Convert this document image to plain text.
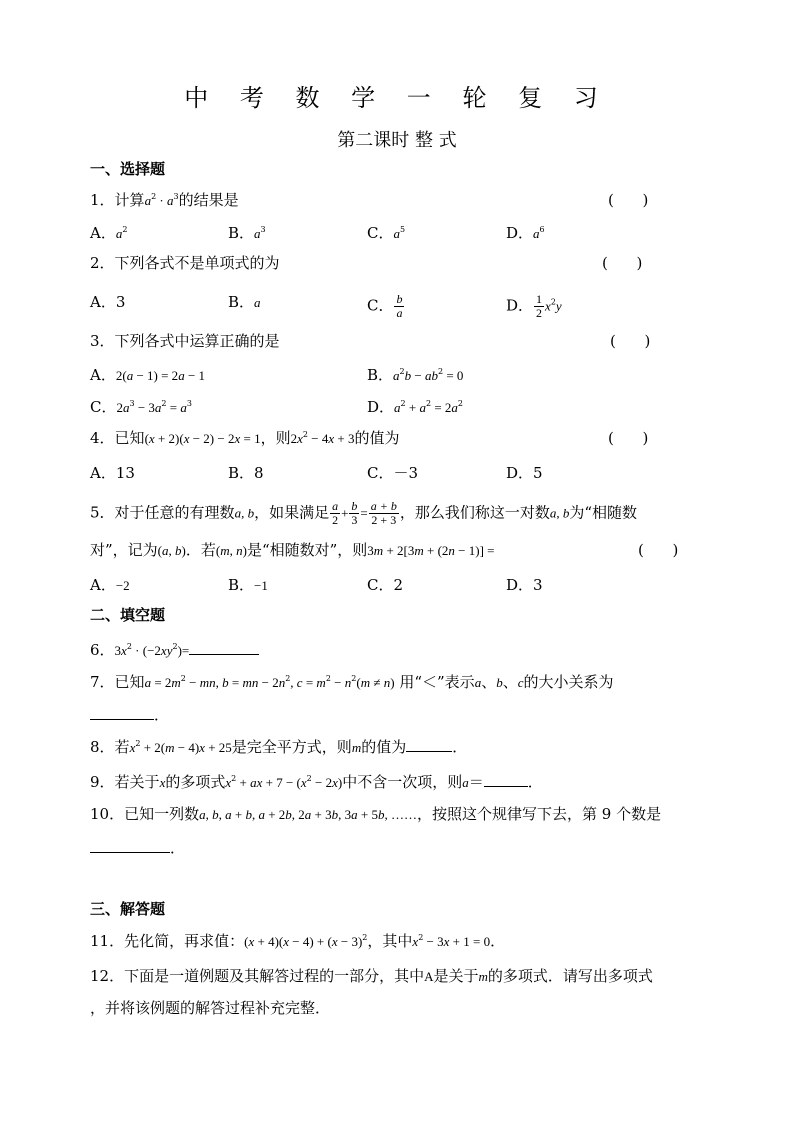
中 考 数 学 一 轮 复 习
第二课时 整 式
一、选择题
1．计算$a^2 \cdot a^3$的结果是	(      )
A．$a^2$	B．$a^3$	C．$a^5$	D．$a^6$
2．下列各式不是单项式的为	(      )
A．3	B．a	C． $\frac{b}{a}$	D． $\frac{1}{2} x^2y$
3．下列各式中运算正确的是	(      )
A．2(a − 1) = 2a − 1	B．$a^2b - ab^2 = 0$
C．$2a^3 - 3a^2 = a^3$	D．$a^2 + a^2 = 2a^2$
4．已知(x + 2)(x − 2) − 2x = 1，则$2x^2 - 4x + 3$的值为	(      )
A．13	B．8	C．－3	D．5
5．对于任意的有理数a, b，如果满足 $\frac{a}{2} + \frac{b}{3} = \frac{a + b}{2 + 3}$ ，那么我们称这一对数a, b为“相随数
对”，记为(a, b)．若(m, n)是“相随数对”，则3m + 2[3m + (2n − 1)] =	(      )
A．−2	B．−1	C．2	D．3
二、填空题
6．$3x^2 \cdot (-2xy^2)=$
7．已知$a = 2m^2$ − mn, b = mn − $2n^2$, $c = m^2 - n^2(m \ne n)$ 用“＜”表示a、b、c的大小关系为
．
8．若$x^2 + 2(m - 4)x + 25$是完全平方式，则m的值为	．
9．若关于x的多项式$x^2$ + ax + $7 - (x^2 - 2x)$中不含一次项，则a＝	．
10．已知一列数a, b, a + b, a + 2b, 2a + 3b, 3a + 5b, ……，按照这个规律写下去，第 9 个数是
．
三、解答题
11．先化简，再求值：$(x + 4)(x - 4) + (x - 3)^2$，其中$x^2 - 3x + 1 = 0$．
12．下面是一道例题及其解答过程的一部分，其中A是关于m的多项式．请写出多项式
，并将该例题的解答过程补充完整．
